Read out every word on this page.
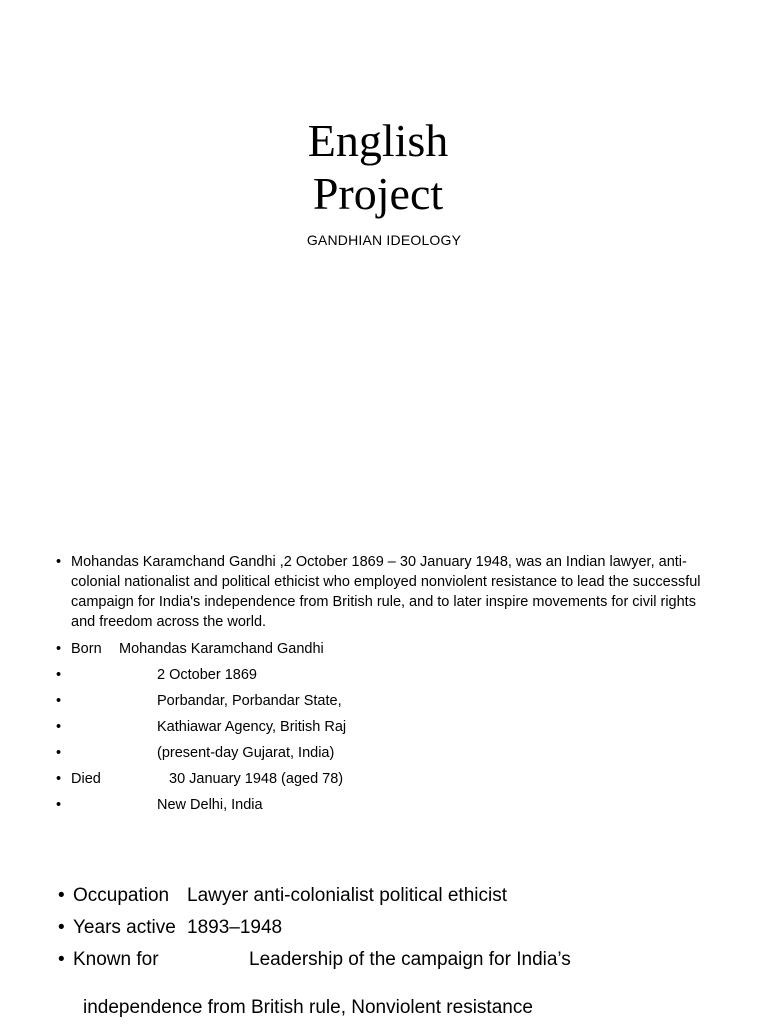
English
Project
GANDHIAN IDEOLOGY
• Mohandas Karamchand Gandhi ,2 October 1869 – 30 January 1948, was an Indian lawyer, anti-colonial nationalist and political ethicist who employed nonviolent resistance to lead the successful campaign for India's independence from British rule, and to later inspire movements for civil rights and freedom across the world.
• Born Mohandas Karamchand Gandhi
• 2 October 1869
• Porbandar, Porbandar State,
• Kathiawar Agency, British Raj
• (present-day Gujarat, India)
• Died	30 January 1948 (aged 78)
• New Delhi, India
• Occupation Lawyer anti-colonialist political ethicist
• Years active 1893–1948
• Known for	Leadership of the campaign for India’s
independence from British rule, Nonviolent resistance
